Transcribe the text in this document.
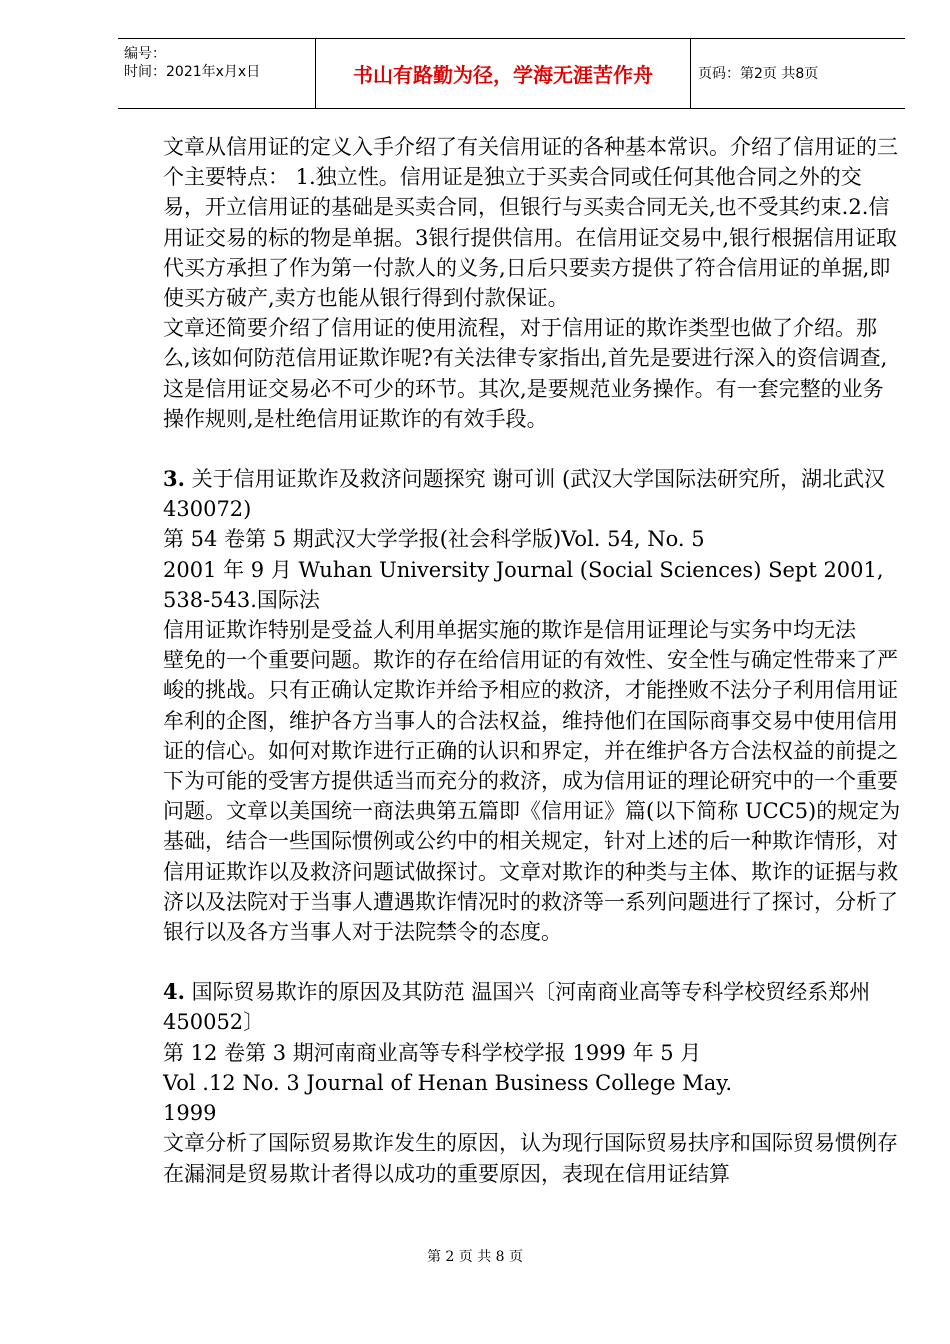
编号：
时间：2021年x月x日	书山有路勤为径，学海无涯苦作舟	页码：第2页 共8页

文章从信用证的定义入手介绍了有关信用证的各种基本常识。介绍了信用证的三个主要特点： 1.独立性。信用证是独立于买卖合同或任何其他合同之外的交易，开立信用证的基础是买卖合同，但银行与买卖合同无关,也不受其约束.2.信用证交易的标的物是单据。3银行提供信用。在信用证交易中,银行根据信用证取代买方承担了作为第一付款人的义务,日后只要卖方提供了符合信用证的单据,即使买方破产,卖方也能从银行得到付款保证。

文章还简要介绍了信用证的使用流程，对于信用证的欺诈类型也做了介绍。那么,该如何防范信用证欺诈呢?有关法律专家指出,首先是要进行深入的资信调查,这是信用证交易必不可少的环节。其次,是要规范业务操作。有一套完整的业务操作规则,是杜绝信用证欺诈的有效手段。

3. 关于信用证欺诈及救济问题探究 谢可训 (武汉大学国际法研究所，湖北武汉 430072)

第 54 卷第 5 期武汉大学学报(社会科学版)Vol. 54, No. 5

2001 年 9 月 Wuhan University Journal (Social Sciences) Sept 2001, 538-543.国际法

信用证欺诈特别是受益人利用单据实施的欺诈是信用证理论与实务中均无法

壁免的一个重要问题。欺诈的存在给信用证的有效性、安全性与确定性带来了严峻的挑战。只有正确认定欺诈并给予相应的救济，才能挫败不法分子利用信用证牟利的企图，维护各方当事人的合法权益，维持他们在国际商事交易中使用信用证的信心。如何对欺诈进行正确的认识和界定，并在维护各方合法权益的前提之下为可能的受害方提供适当而充分的救济，成为信用证的理论研究中的一个重要问题。文章以美国统一商法典第五篇即《信用证》篇(以下简称 UCC5)的规定为基础，结合一些国际惯例或公约中的相关规定，针对上述的后一种欺诈情形，对信用证欺诈以及救济问题试做探讨。文章对欺诈的种类与主体、欺诈的证据与救济以及法院对于当事人遭遇欺诈情况时的救济等一系列问题进行了探讨，分析了银行以及各方当事人对于法院禁令的态度。

4. 国际贸易欺诈的原因及其防范 温国兴〔河南商业高等专科学校贸经系郑州 450052〕

第 12 卷第 3 期河南商业高等专科学校学报 1999 年 5 月

Vol .12 No. 3 Journal of Henan Business College May.

1999

文章分析了国际贸易欺诈发生的原因，认为现行国际贸易扶序和国际贸易惯例存在漏洞是贸易欺计者得以成功的重要原因，表现在信用证结算

第 2 页 共 8 页
